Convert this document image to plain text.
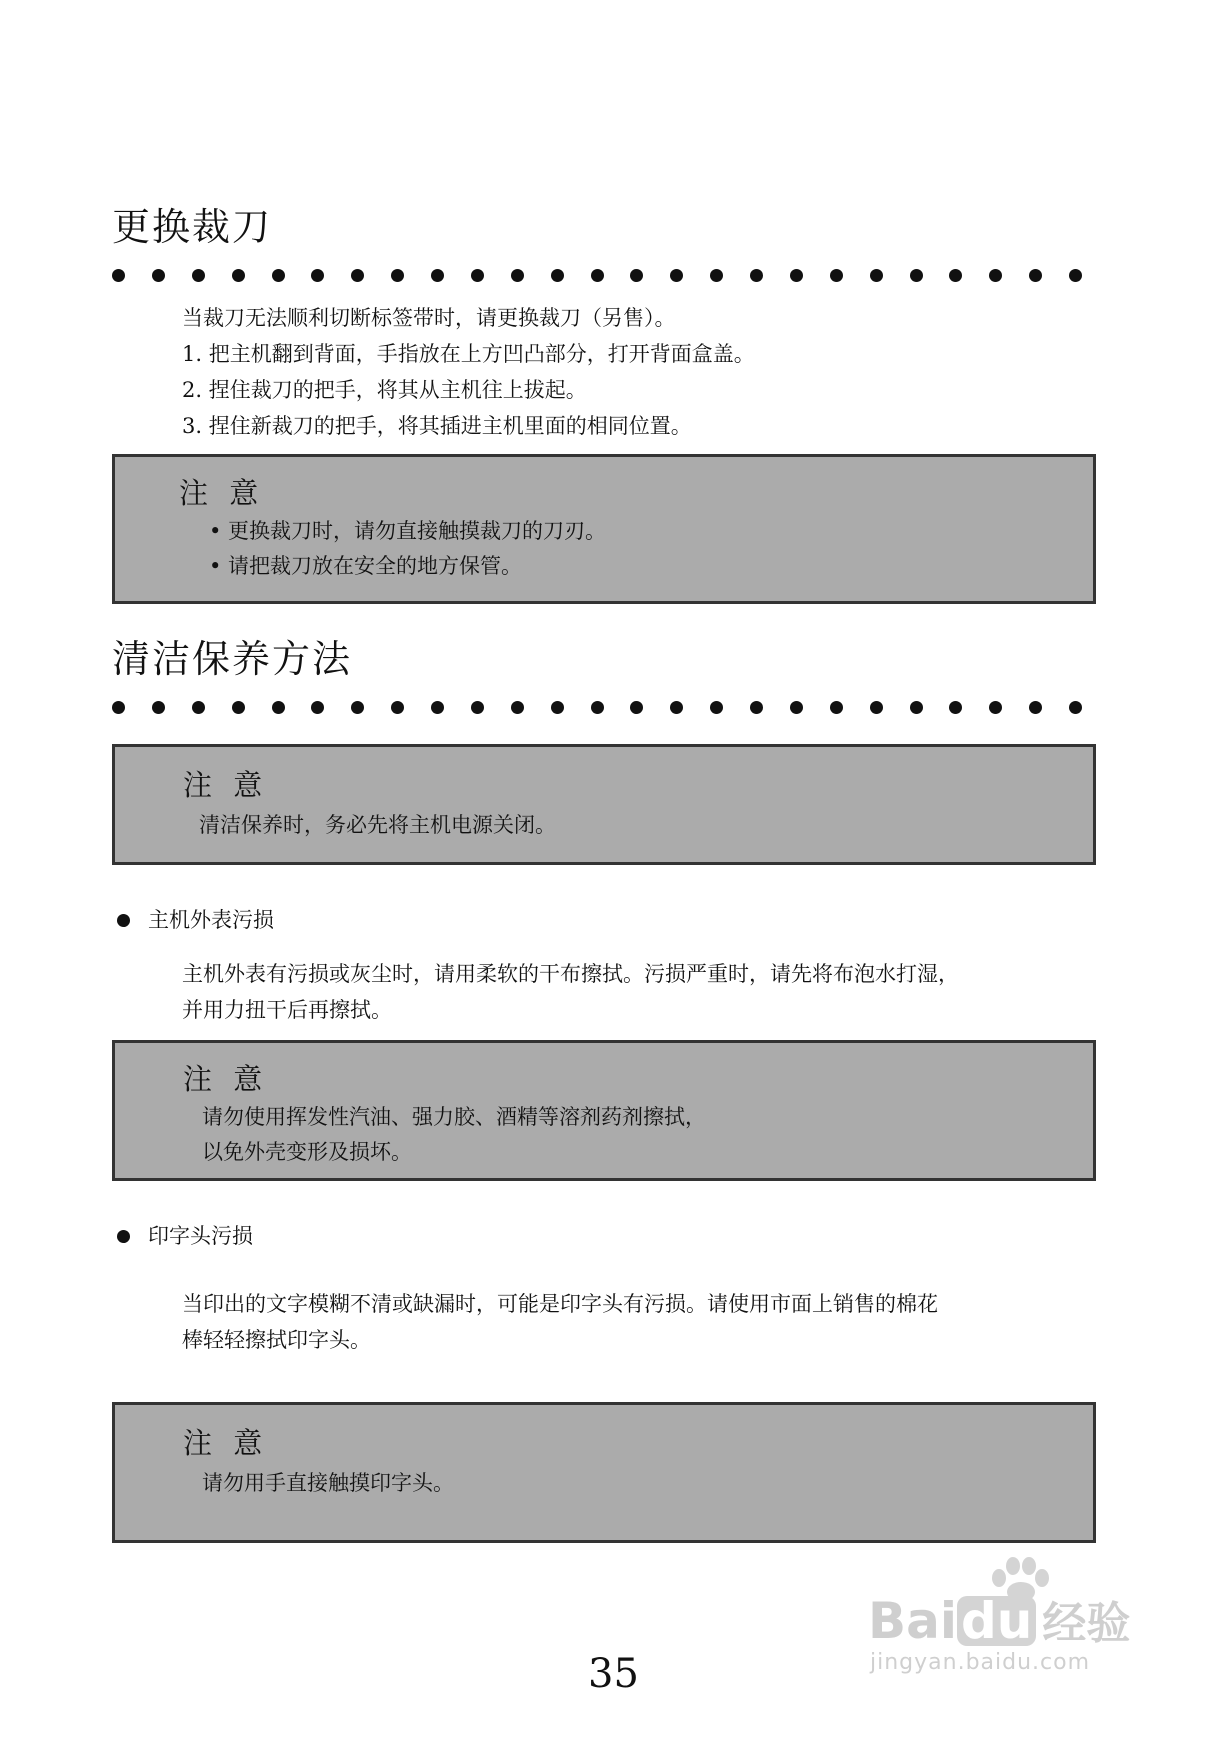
更换裁刀
当裁刀无法顺利切断标签带时，请更换裁刀（另售）。
1. 把主机翻到背面，手指放在上方凹凸部分，打开背面盒盖。
2. 捏住裁刀的把手，将其从主机往上拔起。
3. 捏住新裁刀的把手，将其插进主机里面的相同位置。
注 意
• 更换裁刀时，请勿直接触摸裁刀的刀刃。
• 请把裁刀放在安全的地方保管。
清洁保养方法
注 意
清洁保养时，务必先将主机电源关闭。
主机外表污损
主机外表有污损或灰尘时，请用柔软的干布擦拭。污损严重时，请先将布泡水打湿，
并用力扭干后再擦拭。
注 意
请勿使用挥发性汽油、强力胶、酒精等溶剂药剂擦拭，
以免外壳变形及损坏。
印字头污损
当印出的文字模糊不清或缺漏时，可能是印字头有污损。请使用市面上销售的棉花
棒轻轻擦拭印字头。
注 意
请勿用手直接触摸印字头。
35
Baidu 经验
jingyan.baidu.com
